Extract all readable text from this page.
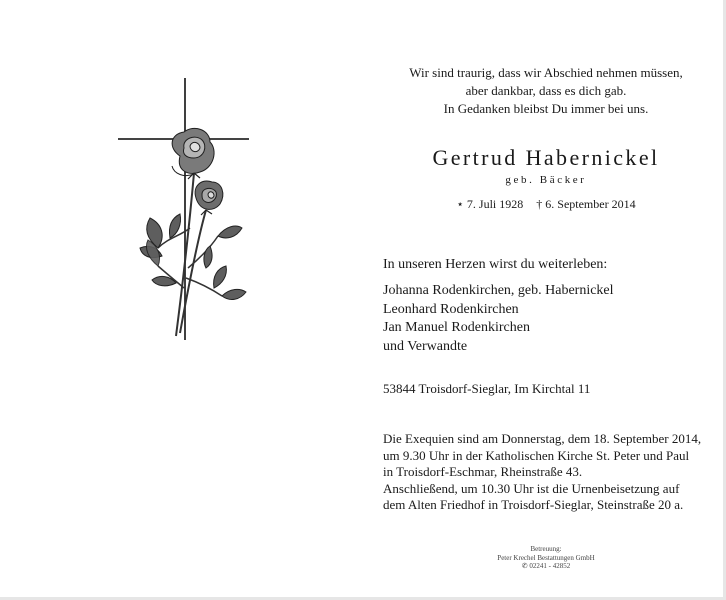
Wir sind traurig, dass wir Abschied nehmen müssen,
aber dankbar, dass es dich gab.
In Gedanken bleibst Du immer bei uns.
Gertrud Habernickel
geb. Bäcker
⋆ 7. Juli 1928 † 6. September 2014
In unseren Herzen wirst du weiterleben:
Johanna Rodenkirchen, geb. Habernickel
Leonhard Rodenkirchen
Jan Manuel Rodenkirchen
und Verwandte
53844 Troisdorf-Sieglar, Im Kirchtal 11
Die Exequien sind am Donnerstag, dem 18. September 2014,
um 9.30 Uhr in der Katholischen Kirche St. Peter und Paul
in Troisdorf-Eschmar, Rheinstraße 43.
Anschließend, um 10.30 Uhr ist die Urnenbeisetzung auf
dem Alten Friedhof in Troisdorf-Sieglar, Steinstraße 20 a.
Betreuung:
Peter Krechel Bestattungen GmbH
✆ 02241 - 42852
